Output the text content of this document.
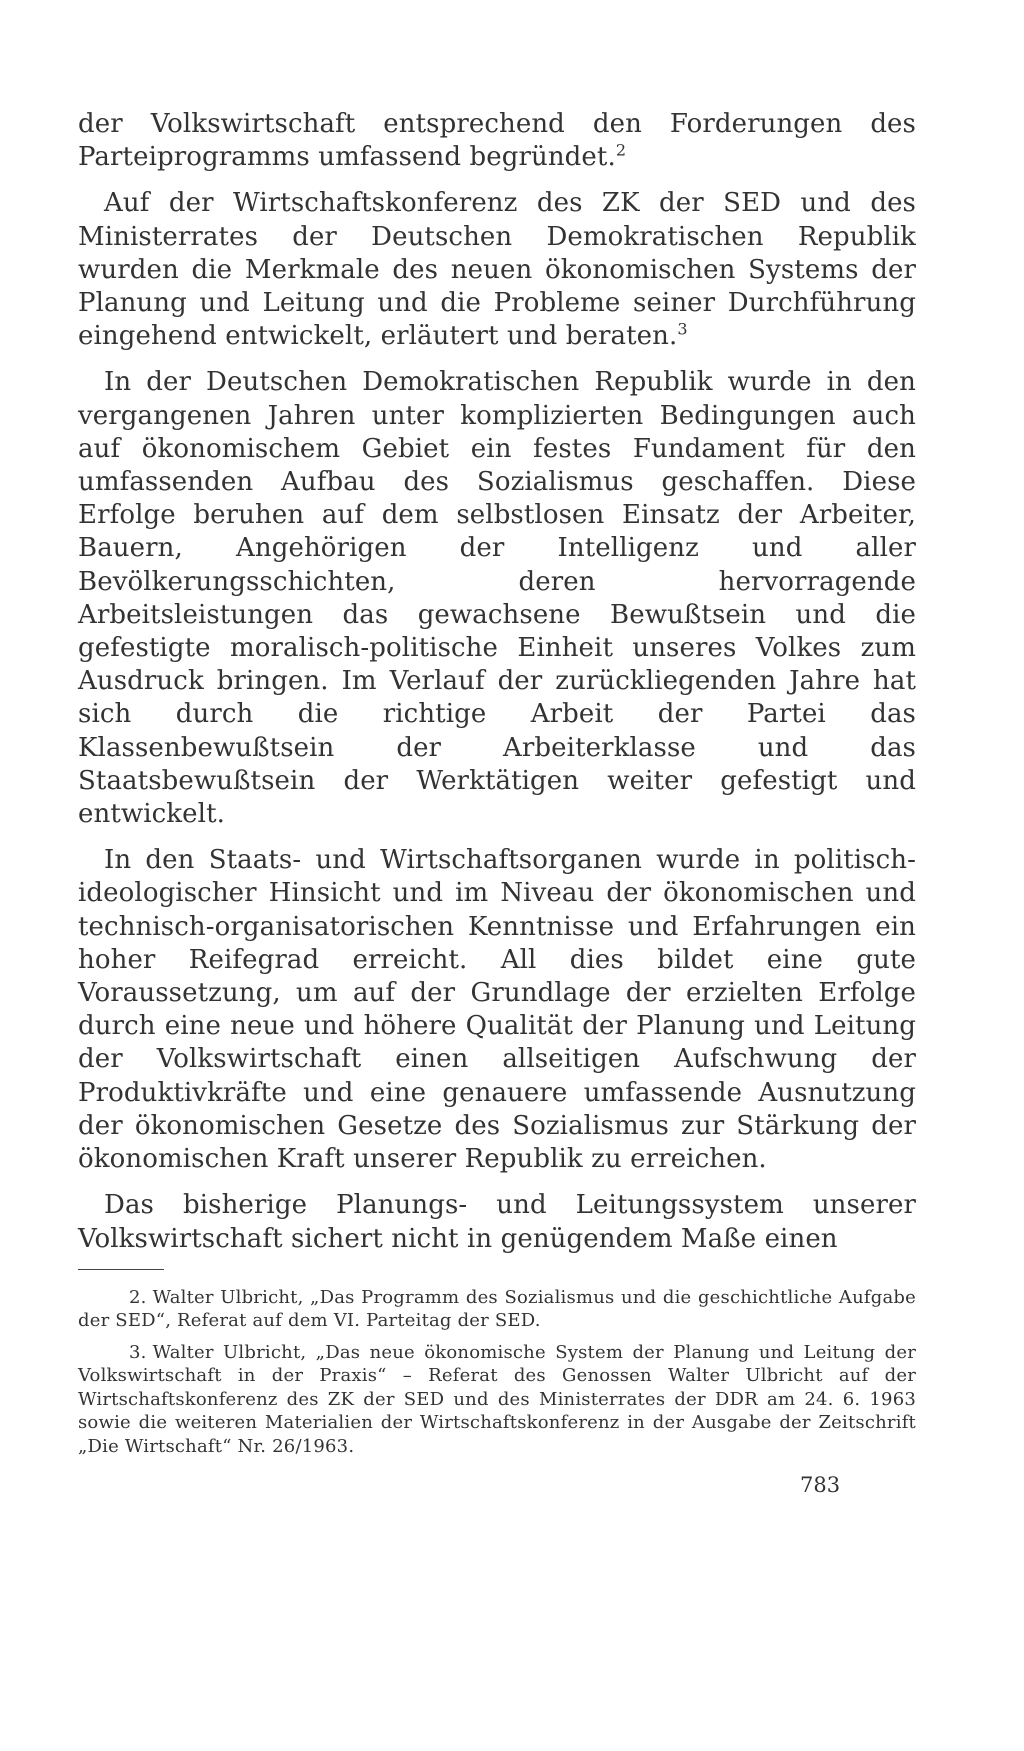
der Volkswirtschaft entsprechend den Forderungen des Parteiprogramms umfassend begründet.$^2$

Auf der Wirtschaftskonferenz des ZK der SED und des Ministerrates der Deutschen Demokratischen Republik wurden die Merkmale des neuen ökonomischen Systems der Planung und Leitung und die Probleme seiner Durchführung eingehend entwickelt, erläutert und beraten.$^3$

In der Deutschen Demokratischen Republik wurde in den vergangenen Jahren unter komplizierten Bedingungen auch auf ökonomischem Gebiet ein festes Fundament für den umfassenden Aufbau des Sozialismus geschaffen. Diese Erfolge beruhen auf dem selbstlosen Einsatz der Arbeiter, Bauern, Angehörigen der Intelligenz und aller Bevölkerungsschichten, deren hervorragende Arbeitsleistungen das gewachsene Bewußtsein und die gefestigte moralisch-politische Einheit unseres Volkes zum Ausdruck bringen. Im Verlauf der zurückliegenden Jahre hat sich durch die richtige Arbeit der Partei das Klassenbewußtsein der Arbeiterklasse und das Staatsbewußtsein der Werktätigen weiter gefestigt und entwickelt.

In den Staats- und Wirtschaftsorganen wurde in politisch-ideologischer Hinsicht und im Niveau der ökonomischen und technisch-organisatorischen Kenntnisse und Erfahrungen ein hoher Reifegrad erreicht. All dies bildet eine gute Voraussetzung, um auf der Grundlage der erzielten Erfolge durch eine neue und höhere Qualität der Planung und Leitung der Volkswirtschaft einen allseitigen Aufschwung der Produktivkräfte und eine genauere umfassende Ausnutzung der ökonomischen Gesetze des Sozialismus zur Stärkung der ökonomischen Kraft unserer Republik zu erreichen.

Das bisherige Planungs- und Leitungssystem unserer Volkswirtschaft sichert nicht in genügendem Maße einen

2. Walter Ulbricht, „Das Programm des Sozialismus und die geschichtliche Aufgabe der SED“, Referat auf dem VI. Parteitag der SED.

3. Walter Ulbricht, „Das neue ökonomische System der Planung und Leitung der Volkswirtschaft in der Praxis“ – Referat des Genossen Walter Ulbricht auf der Wirtschaftskonferenz des ZK der SED und des Ministerrates der DDR am 24. 6. 1963 sowie die weiteren Materialien der Wirtschaftskonferenz in der Ausgabe der Zeitschrift „Die Wirtschaft“ Nr. 26/1963.

783
